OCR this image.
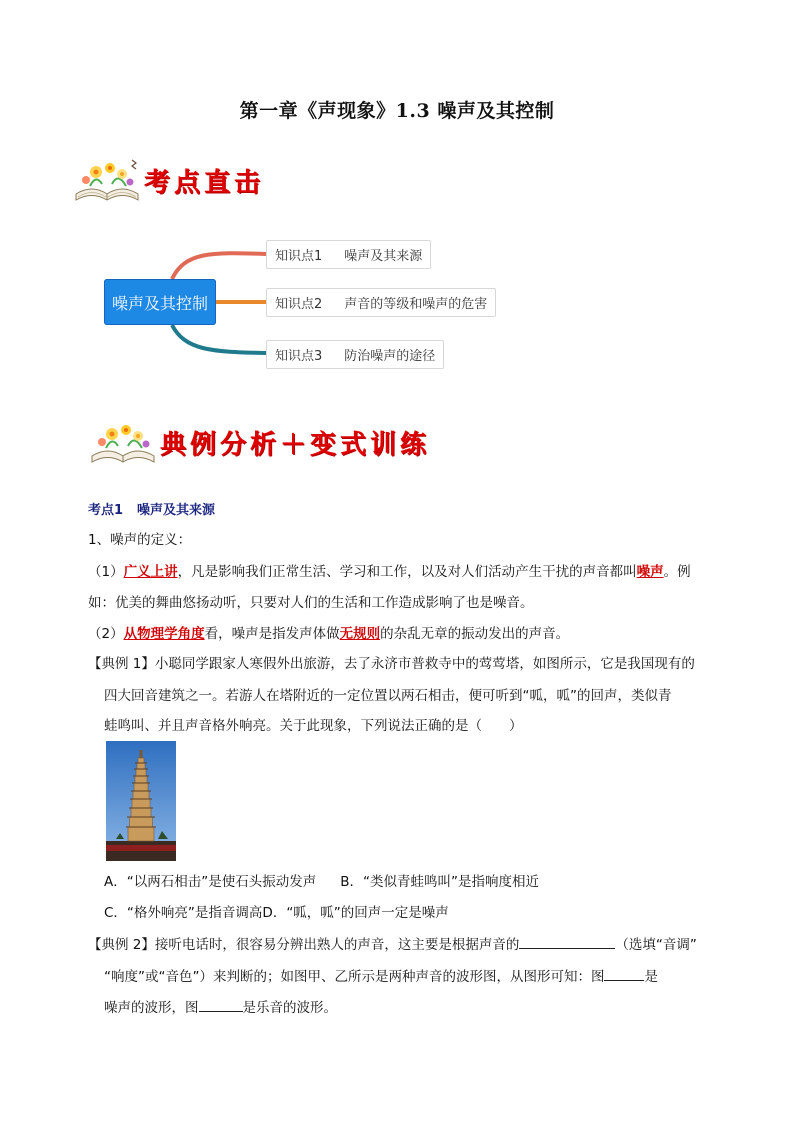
第一章《声现象》1.3 噪声及其控制
考点直击
噪声及其控制
知识点1 噪声及其来源
知识点2 声音的等级和噪声的危害
知识点3 防治噪声的途径
典例分析＋变式训练
考点1 噪声及其来源
1、噪声的定义：
（1）广义上讲，凡是影响我们正常生活、学习和工作，以及对人们活动产生干扰的声音都叫噪声。例
如：优美的舞曲悠扬动听，只要对人们的生活和工作造成影响了也是噪音。
（2）从物理学角度看，噪声是指发声体做无规则的杂乱无章的振动发出的声音。
【典例 1】小聪同学跟家人寒假外出旅游，去了永济市普救寺中的莺莺塔，如图所示，它是我国现有的
四大回音建筑之一。若游人在塔附近的一定位置以两石相击，便可听到“呱，呱”的回声，类似青
蛙鸣叫、并且声音格外响亮。关于此现象，下列说法正确的是（　　）
A．“以两石相击”是使石头振动发声 B．“类似青蛙鸣叫”是指响度相近
C．“格外响亮”是指音调高D．“呱，呱”的回声一定是噪声
【典例 2】接听电话时，很容易分辨出熟人的声音，这主要是根据声音的	（选填“音调”
“响度”或“音色”）来判断的；如图甲、乙所示是两种声音的波形图，从图形可知：图	是
噪声的波形，图	是乐音的波形。
